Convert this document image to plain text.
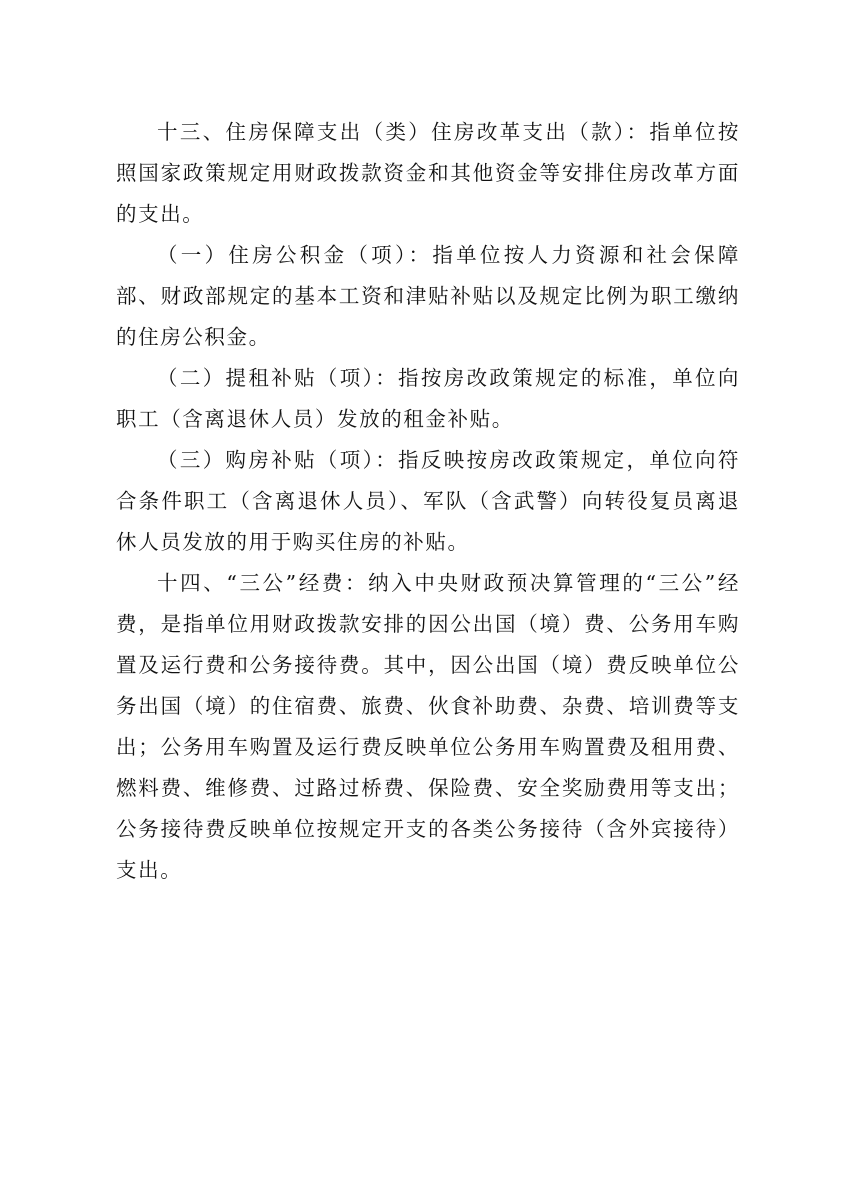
十三、住房保障支出（类）住房改革支出（款）：指单位按照国家政策规定用财政拨款资金和其他资金等安排住房改革方面的支出。

（一）住房公积金（项）：指单位按人力资源和社会保障部、财政部规定的基本工资和津贴补贴以及规定比例为职工缴纳的住房公积金。

（二）提租补贴（项）：指按房改政策规定的标准，单位向职工（含离退休人员）发放的租金补贴。

（三）购房补贴（项）：指反映按房改政策规定，单位向符合条件职工（含离退休人员）、军队（含武警）向转役复员离退休人员发放的用于购买住房的补贴。

十四、“三公”经费：纳入中央财政预决算管理的“三公”经费，是指单位用财政拨款安排的因公出国（境）费、公务用车购置及运行费和公务接待费。其中，因公出国（境）费反映单位公务出国（境）的住宿费、旅费、伙食补助费、杂费、培训费等支出；公务用车购置及运行费反映单位公务用车购置费及租用费、燃料费、维修费、过路过桥费、保险费、安全奖励费用等支出；公务接待费反映单位按规定开支的各类公务接待（含外宾接待）支出。
